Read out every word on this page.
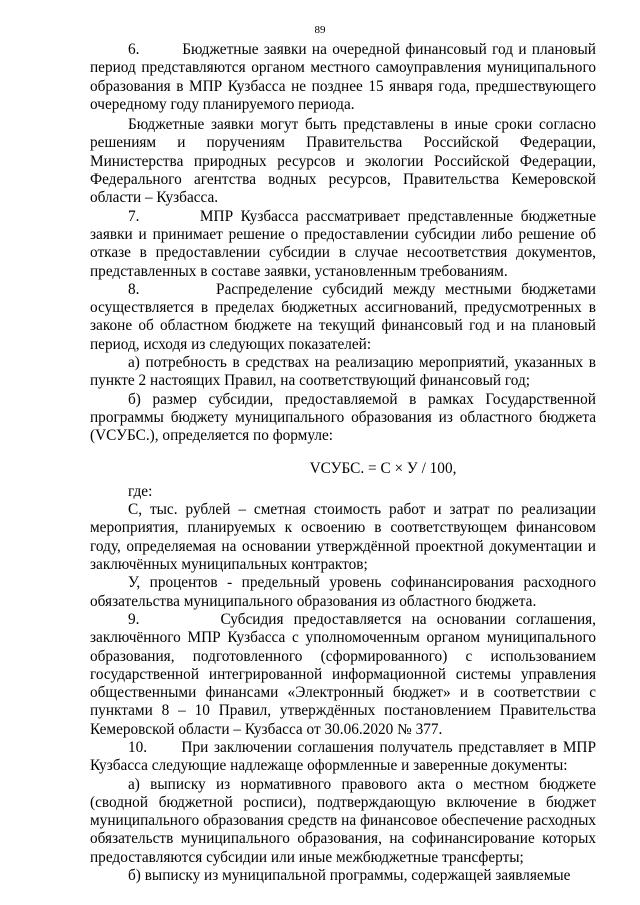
89

6.        Бюджетные заявки на очередной финансовый год и плановый период представляются органом местного самоуправления муниципального образования в МПР Кузбасса не позднее 15 января года, предшествующего очередному году планируемого периода.

Бюджетные заявки могут быть представлены в иные сроки согласно решениям и поручениям Правительства Российской Федерации, Министерства природных ресурсов и экологии Российской Федерации, Федерального агентства водных ресурсов, Правительства Кемеровской области – Кузбасса.

7.        МПР Кузбасса рассматривает представленные бюджетные заявки и принимает решение о предоставлении субсидии либо решение об отказе в предоставлении субсидии в случае несоответствия документов, представленных в составе заявки, установленным требованиям.

8.        Распределение субсидий между местными бюджетами осуществляется в пределах бюджетных ассигнований, предусмотренных в законе об областном бюджете на текущий финансовый год и на плановый период, исходя из следующих показателей:

а) потребность в средствах на реализацию мероприятий, указанных в пункте 2 настоящих Правил, на соответствующий финансовый год;

б) размер субсидии, предоставляемой в рамках Государственной программы бюджету муниципального образования из областного бюджета (VСУБС.), определяется по формуле:

VСУБС. = С × У / 100,

где:

С, тыс. рублей – сметная стоимость работ и затрат по реализации мероприятия, планируемых к освоению в соответствующем финансовом году, определяемая на основании утверждённой проектной документации и заключённых муниципальных контрактов;

У, процентов - предельный уровень софинансирования расходного обязательства муниципального образования из областного бюджета.

9.        Субсидия предоставляется на основании соглашения, заключённого МПР Кузбасса с уполномоченным органом муниципального образования, подготовленного (сформированного) с использованием государственной интегрированной информационной системы управления общественными финансами «Электронный бюджет» и в соответствии с пунктами 8 – 10 Правил, утверждённых постановлением Правительства Кемеровской области – Кузбасса от 30.06.2020 № 377.

10.      При заключении соглашения получатель представляет в МПР Кузбасса следующие надлежаще оформленные и заверенные документы:

а) выписку из нормативного правового акта о местном бюджете (сводной бюджетной росписи), подтверждающую включение в бюджет муниципального образования средств на финансовое обеспечение расходных обязательств муниципального образования, на софинансирование которых предоставляются субсидии или иные межбюджетные трансферты;

б) выписку из муниципальной программы, содержащей заявляемые
